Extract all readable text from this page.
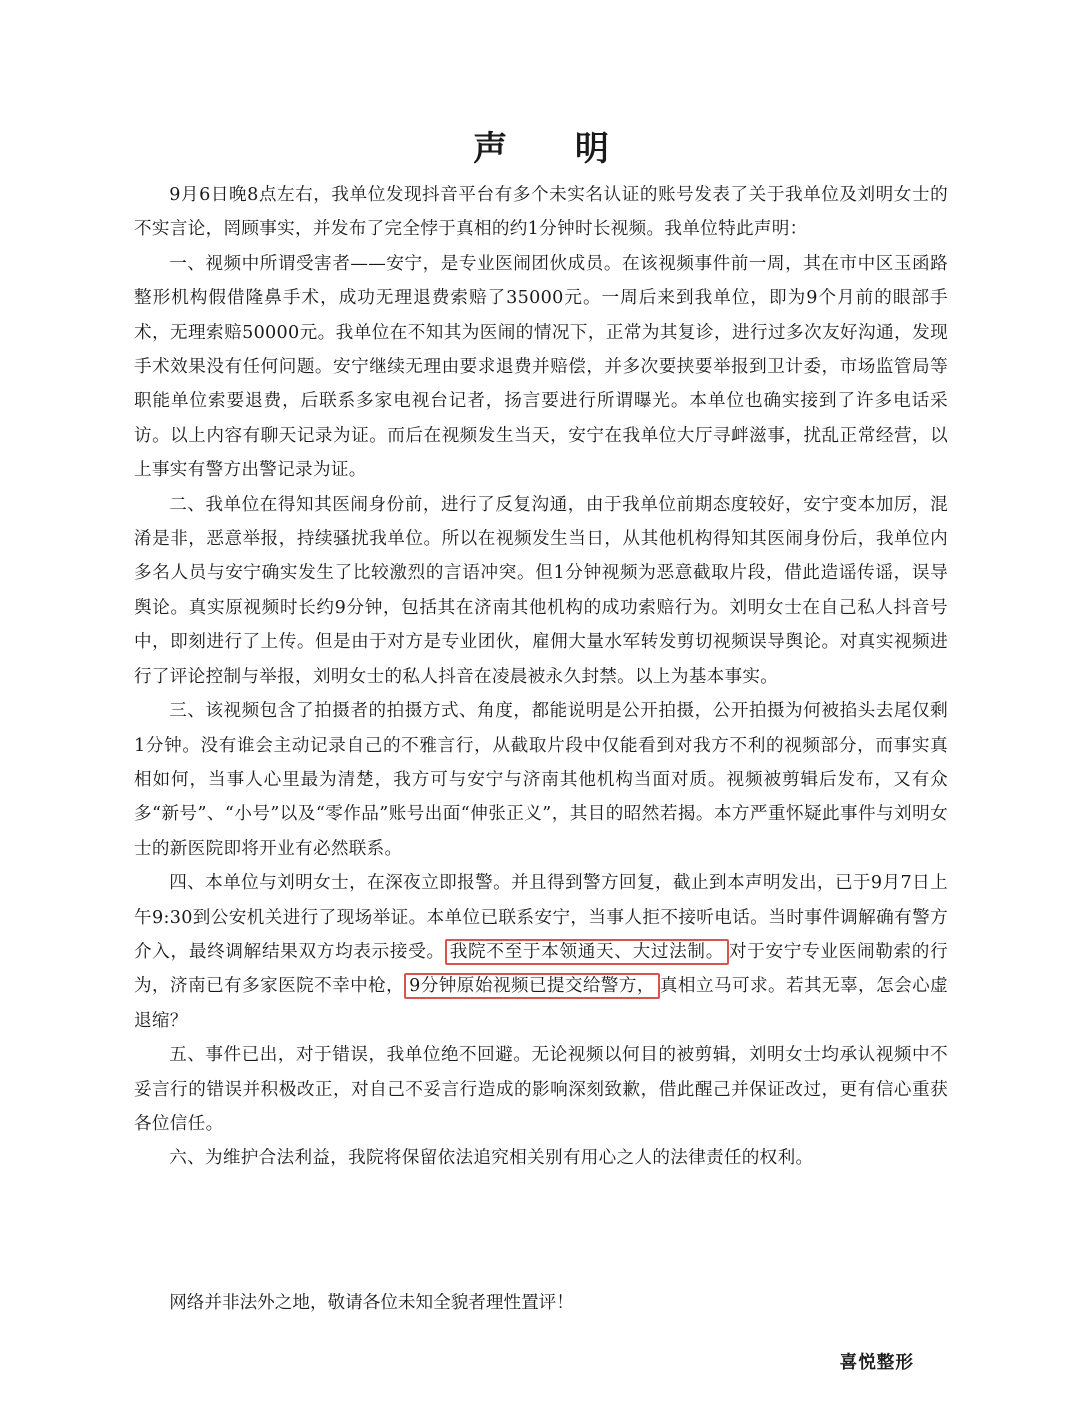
声 明

9月6日晚8点左右，我单位发现抖音平台有多个未实名认证的账号发表了关于我单位及刘明女士的不实言论，罔顾事实，并发布了完全悖于真相的约1分钟时长视频。我单位特此声明：

一、视频中所谓受害者——安宁，是专业医闹团伙成员。在该视频事件前一周，其在市中区玉函路整形机构假借隆鼻手术，成功无理退费索赔了35000元。一周后来到我单位，即为9个月前的眼部手术，无理索赔50000元。我单位在不知其为医闹的情况下，正常为其复诊，进行过多次友好沟通，发现手术效果没有任何问题。安宁继续无理由要求退费并赔偿，并多次要挟要举报到卫计委，市场监管局等职能单位索要退费，后联系多家电视台记者，扬言要进行所谓曝光。本单位也确实接到了许多电话采访。以上内容有聊天记录为证。而后在视频发生当天，安宁在我单位大厅寻衅滋事，扰乱正常经营，以上事实有警方出警记录为证。

二、我单位在得知其医闹身份前，进行了反复沟通，由于我单位前期态度较好，安宁变本加厉，混淆是非，恶意举报，持续骚扰我单位。所以在视频发生当日，从其他机构得知其医闹身份后，我单位内多名人员与安宁确实发生了比较激烈的言语冲突。但1分钟视频为恶意截取片段，借此造谣传谣，误导舆论。真实原视频时长约9分钟，包括其在济南其他机构的成功索赔行为。刘明女士在自己私人抖音号中，即刻进行了上传。但是由于对方是专业团伙，雇佣大量水军转发剪切视频误导舆论。对真实视频进行了评论控制与举报，刘明女士的私人抖音在凌晨被永久封禁。以上为基本事实。

三、该视频包含了拍摄者的拍摄方式、角度，都能说明是公开拍摄，公开拍摄为何被掐头去尾仅剩1分钟。没有谁会主动记录自己的不雅言行，从截取片段中仅能看到对我方不利的视频部分，而事实真相如何，当事人心里最为清楚，我方可与安宁与济南其他机构当面对质。视频被剪辑后发布，又有众多“新号”、“小号”以及“零作品”账号出面“伸张正义”，其目的昭然若揭。本方严重怀疑此事件与刘明女士的新医院即将开业有必然联系。

四、本单位与刘明女士，在深夜立即报警。并且得到警方回复，截止到本声明发出，已于9月7日上午9:30到公安机关进行了现场举证。本单位已联系安宁，当事人拒不接听电话。当时事件调解确有警方介入，最终调解结果双方均表示接受。 我院不至于本领通天、大过法制。 对于安宁专业医闹勒索的行为，济南已有多家医院不幸中枪， 9分钟原始视频已提交给警方， 真相立马可求。若其无辜，怎会心虚退缩？

五、事件已出，对于错误，我单位绝不回避。无论视频以何目的被剪辑，刘明女士均承认视频中不妥言行的错误并积极改正，对自己不妥言行造成的影响深刻致歉，借此醒己并保证改过，更有信心重获各位信任。

六、为维护合法利益，我院将保留依法追究相关别有用心之人的法律责任的权利。

网络并非法外之地，敬请各位未知全貌者理性置评！

喜悦整形
